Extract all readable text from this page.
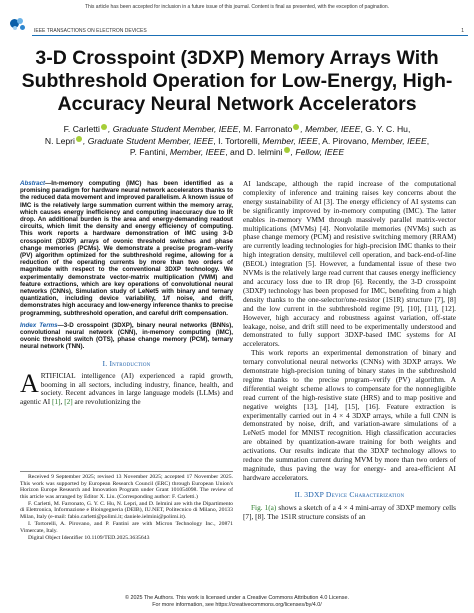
This article has been accepted for inclusion in a future issue of this journal. Content is final as presented, with the exception of pagination.
IEEE TRANSACTIONS ON ELECTRON DEVICES	1
3-D Crosspoint (3DXP) Memory Arrays With Subthreshold Operation for Low-Energy, High-Accuracy Neural Network Accelerators
F. Carletti , Graduate Student Member, IEEE, M. Farronato , Member, IEEE, G. Y. C. Hu,
N. Lepri , Graduate Student Member, IEEE, I. Tortorelli, Member, IEEE, A. Pirovano, Member, IEEE,
P. Fantini, Member, IEEE, and D. Ielmini , Fellow, IEEE
Abstract—In-memory computing (IMC) has been identified as a promising paradigm for hardware neural network accelerators thanks to the reduced data movement and improved parallelism. A known issue of IMC is the relatively large summation current within the memory array, which causes energy inefficiency and computing inaccuracy due to IR drop. An additional burden is the area and energy-demanding readout circuits, which limit the density and energy efficiency of computing. This work reports a hardware demonstration of IMC using 3-D crosspoint (3DXP) arrays of ovonic threshold switches and phase change memories (PCMs). We demonstrate a precise program–verify (PV) algorithm optimized for the subthreshold regime, allowing for a reduction of the operating currents by more than two orders of magnitude with respect to the conventional 3DXP technology. We experimentally demonstrate vector-matrix multiplication (VMM) and feature extractions, which are key operations of convolutional neural networks (CNNs), Simulation study of LeNet5 with binary and ternary quantization, including device variability, 1/f noise, and drift, demonstrates high accuracy and low-energy inference thanks to precise programming, subthreshold operation, and careful drift compensation.
Index Terms—3-D crosspoint (3DXP), binary neural networks (BNNs), convolutional neural network (CNN), in-memory computing (IMC), ovonic threshold switch (OTS), phase change memory (PCM), ternary neural network (TNN).
I. Introduction
ARTIFICIAL intelligence (AI) experienced a rapid growth, booming in all sectors, including industry, finance, health, and society. Recent advances in large language models (LLMs) and agentic AI [1], [2] are revolutionizing the

Received 9 September 2025; revised 13 November 2025; accepted 17 November 2025. This work was supported by European Research Council (ERC) through European Union's Horizon Europe Research and Innovation Program under Grant 101054098. The review of this article was arranged by Editor X. Liu. (Corresponding author: F. Carletti.)

F. Carletti, M. Farronato, G. Y. C. Hu, N. Lepri, and D. Ielmini are with the Dipartimento di Elettronica, Informazione e Bioingegneria (DEIB), IU.NET, Politecnico di Milano, 20133 Milan, Italy (e-mail: fabio.carletti@polimi.it; daniele.ielmini@polimi.it).

I. Tortorelli, A. Pirovano, and P. Fantini are with Micron Technology Inc., 20871 Vimercate, Italy.

Digital Object Identifier 10.1109/TED.2025.3635643

AI landscape, although the rapid increase of the computational complexity of inference and training raises key concerns about the energy sustainability of AI [3]. The energy efficiency of AI systems can be significantly improved by in-memory computing (IMC). The latter enables in-memory VMM through massively parallel matrix-vector multiplications (MVMs) [4]. Nonvolatile memories (NVMs) such as phase change memory (PCM) and resistive switching memory (RRAM) are currently leading technologies for high-precision IMC thanks to their high integration density, multilevel cell operation, and back-end-of-line (BEOL) integration [5]. However, a fundamental issue of these two NVMs is the relatively large read current that causes energy inefficiency and accuracy loss due to IR drop [6]. Recently, the 3-D crosspoint (3DXP) technology has been proposed for IMC, benefiting from a high density thanks to the one-selector/one-resistor (1S1R) structure [7], [8] and the low current in the subthreshold regime [9], [10], [11], [12]. However, high accuracy and robustness against variation, off-state leakage, noise, and drift still need to be experimentally understood and demonstrated to fully support 3DXP-based IMC systems for AI accelerators.

This work reports an experimental demonstration of binary and ternary convolutional neural networks (CNNs) with 3DXP arrays. We demonstrate high-precision tuning of binary states in the subthreshold regime thanks to the precise program–verify (PV) algorithm. A differential weight scheme allows to compensate for the nonnegligible read current of the high-resistive state (HRS) and to map positive and negative weights [13], [14], [15], [16]. Feature extraction is experimentally carried out in 4 × 4 3DXP arrays, while a full CNN is demonstrated by noise, drift, and variation-aware simulations of a LeNet5 model for MNIST recognition. High classification accuracies are obtained by quantization-aware training for both weights and activations. Our results indicate that the 3DXP technology allows to reduce the summation current during MVM by more than two orders of magnitude, thus paving the way for energy- and area-efficient AI hardware accelerators.

II. 3DXP Device Characterization

Fig. 1(a) shows a sketch of a 4 × 4 mini-array of 3DXP memory cells [7], [8]. The 1S1R structure consists of an

© 2025 The Authors. This work is licensed under a Creative Commons Attribution 4.0 License.
For more information, see https://creativecommons.org/licenses/by/4.0/
